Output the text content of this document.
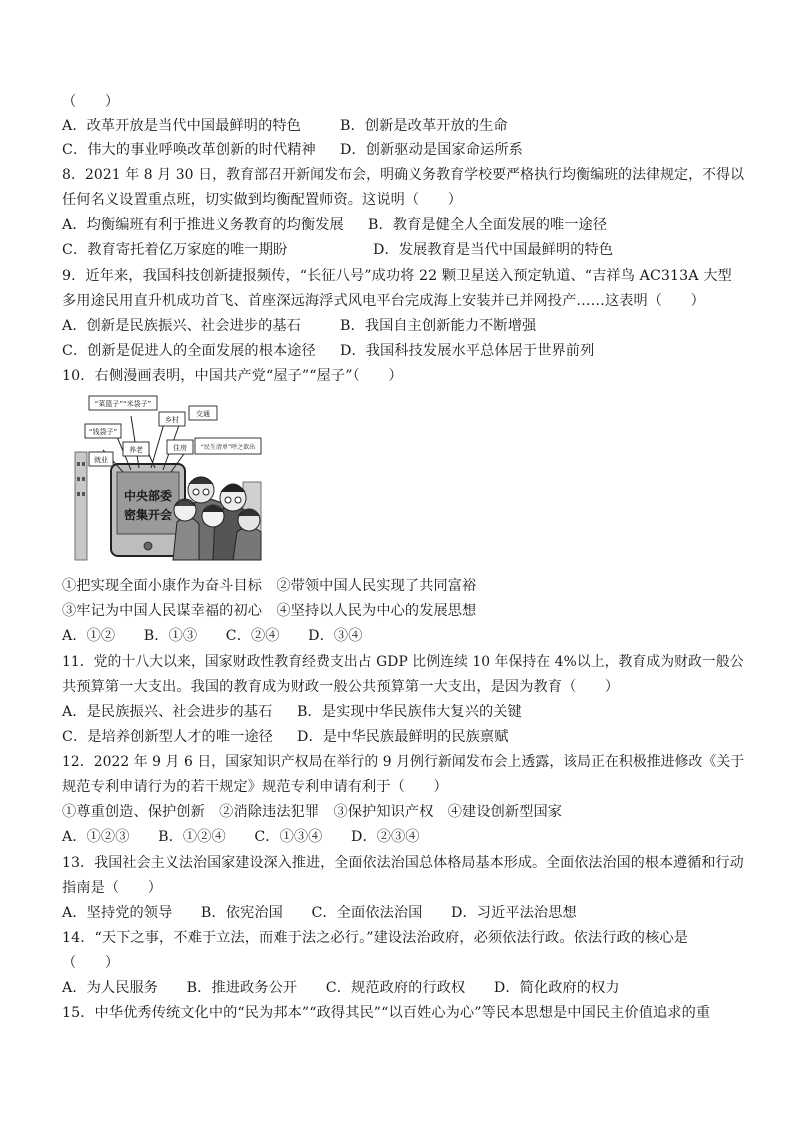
（　　）
A．改革开放是当代中国最鲜明的特色	B．创新是改革开放的生命
C．伟大的事业呼唤改革创新的时代精神 D．创新驱动是国家命运所系
8．2021 年 8 月 30 日，教育部召开新闻发布会，明确义务教育学校要严格执行均衡编班的法律规定，不得以
任何名义设置重点班，切实做到均衡配置师资。这说明（　　）
A．均衡编班有利于推进义务教育的均衡发展 B．教育是健全人全面发展的唯一途径
C．教育寄托着亿万家庭的唯一期盼	D．发展教育是当代中国最鲜明的特色
9．近年来，我国科技创新捷报频传，“长征八号”成功将 22 颗卫星送入预定轨道、“吉祥鸟 AC313A 大型
多用途民用直升机成功首飞、首座深远海浮式风电平台完成海上安装并已并网投产……这表明（　　）
A．创新是民族振兴、社会进步的基石	B．我国自主创新能力不断增强
C．创新是促进人的全面发展的根本途径 D．我国科技发展水平总体居于世界前列
10．右侧漫画表明，中国共产党“屋子”“屋子”（　　）
中央部委
密集开会
“菜篮子”“米袋子”
“钱袋子”
乡村
交通
“民生清单”呼之欲出
养老	住房
就业
①把实现全面小康作为奋斗目标　②带领中国人民实现了共同富裕
③牢记为中国人民谋幸福的初心　④坚持以人民为中心的发展思想
A．①②　　B．①③　　C．②④　　D．③④
11．党的十八大以来，国家财政性教育经费支出占 GDP 比例连续 10 年保持在 4%以上，教育成为财政一般公
共预算第一大支出。我国的教育成为财政一般公共预算第一大支出，是因为教育（　　）
A．是民族振兴、社会进步的基石 B．是实现中华民族伟大复兴的关键
C．是培养创新型人才的唯一途径 D．是中华民族最鲜明的民族禀赋
12．2022 年 9 月 6 日，国家知识产权局在举行的 9 月例行新闻发布会上透露，该局正在积极推进修改《关于
规范专利申请行为的若干规定》规范专利申请有利于（　　）
①尊重创造、保护创新　②消除违法犯罪　③保护知识产权　④建设创新型国家
A．①②③　　B．①②④　　C．①③④　　D．②③④
13．我国社会主义法治国家建设深入推进，全面依法治国总体格局基本形成。全面依法治国的根本遵循和行动
指南是（　　）
A．坚持党的领导　　B．依宪治国　　C．全面依法治国　　D．习近平法治思想
14．“天下之事，不难于立法，而难于法之必行。”建设法治政府，必须依法行政。依法行政的核心是
（　　）
A．为人民服务　　B．推进政务公开　　C．规范政府的行政权　　D．简化政府的权力
15．中华优秀传统文化中的“民为邦本”“政得其民”“以百姓心为心”等民本思想是中国民主价值追求的重
